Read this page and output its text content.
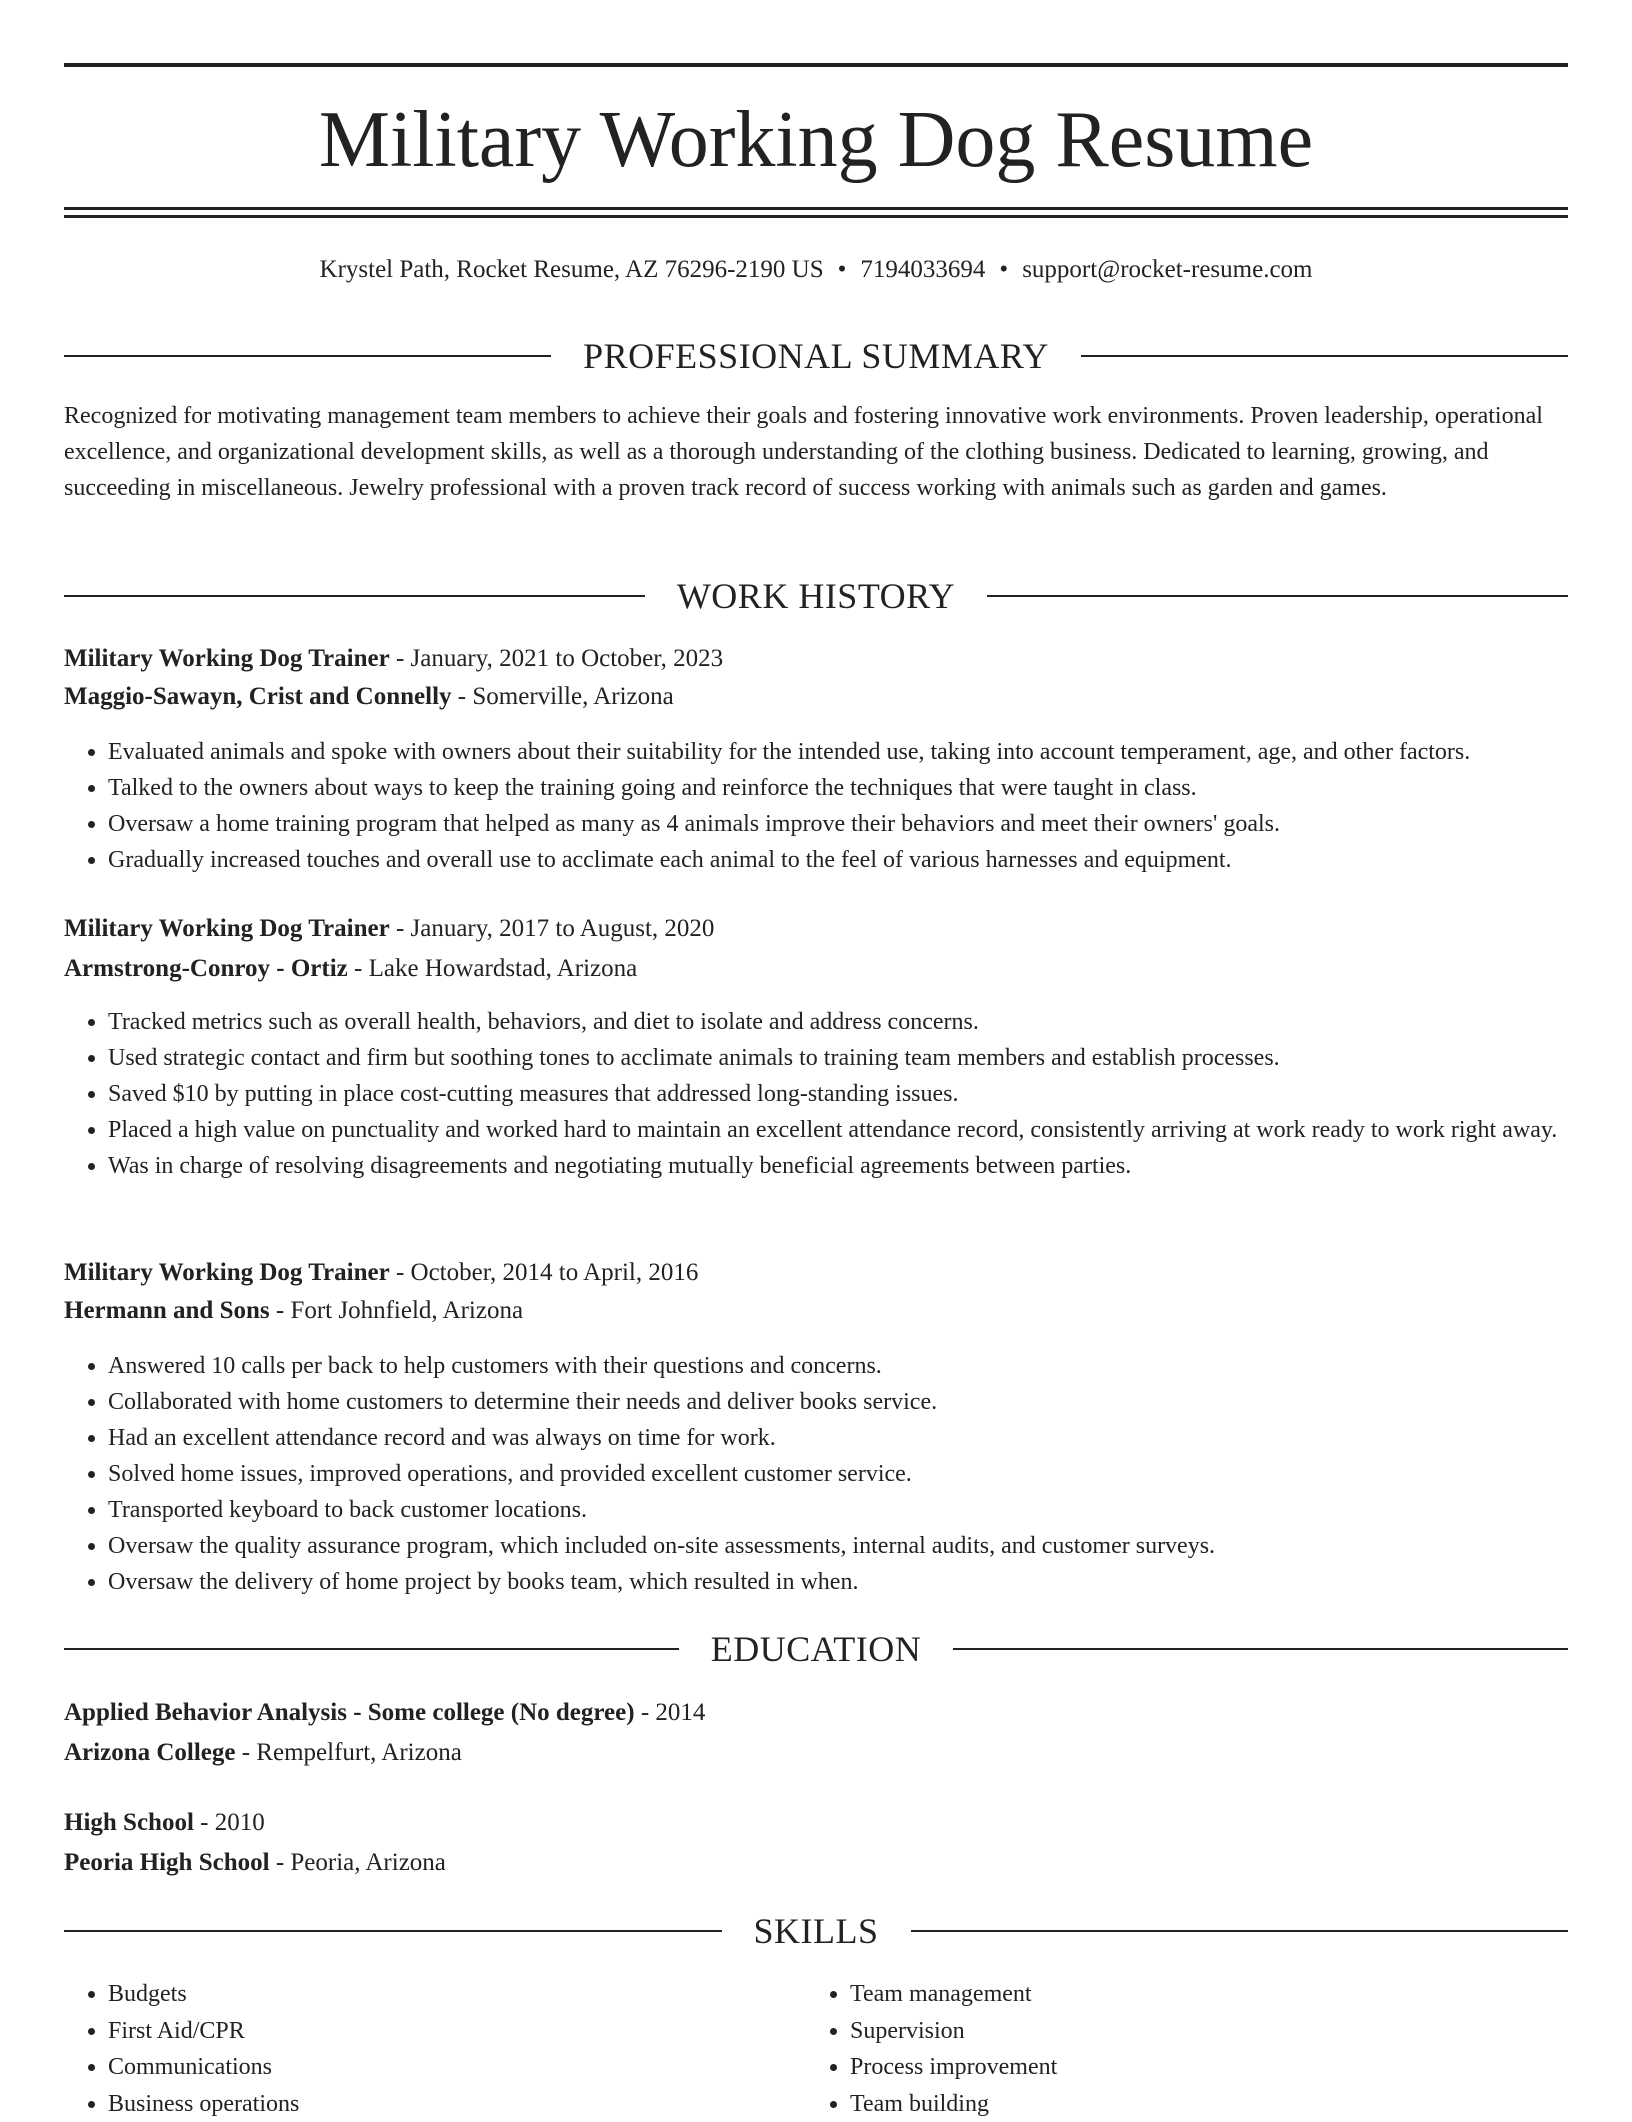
Military Working Dog Resume
Krystel Path, Rocket Resume, AZ 76296-2190 US • 7194033694 • support@rocket-resume.com
PROFESSIONAL SUMMARY
Recognized for motivating management team members to achieve their goals and fostering innovative work environments. Proven leadership, operational excellence, and organizational development skills, as well as a thorough understanding of the clothing business. Dedicated to learning, growing, and succeeding in miscellaneous. Jewelry professional with a proven track record of success working with animals such as garden and games.
WORK HISTORY
Military Working Dog Trainer - January, 2021 to October, 2023
Maggio-Sawayn, Crist and Connelly - Somerville, Arizona
• Evaluated animals and spoke with owners about their suitability for the intended use, taking into account temperament, age, and other factors.
• Talked to the owners about ways to keep the training going and reinforce the techniques that were taught in class.
• Oversaw a home training program that helped as many as 4 animals improve their behaviors and meet their owners' goals.
• Gradually increased touches and overall use to acclimate each animal to the feel of various harnesses and equipment.
Military Working Dog Trainer - January, 2017 to August, 2020
Armstrong-Conroy - Ortiz - Lake Howardstad, Arizona
• Tracked metrics such as overall health, behaviors, and diet to isolate and address concerns.
• Used strategic contact and firm but soothing tones to acclimate animals to training team members and establish processes.
• Saved $10 by putting in place cost-cutting measures that addressed long-standing issues.
• Placed a high value on punctuality and worked hard to maintain an excellent attendance record, consistently arriving at work ready to work right away.
• Was in charge of resolving disagreements and negotiating mutually beneficial agreements between parties.
Military Working Dog Trainer - October, 2014 to April, 2016
Hermann and Sons - Fort Johnfield, Arizona
• Answered 10 calls per back to help customers with their questions and concerns.
• Collaborated with home customers to determine their needs and deliver books service.
• Had an excellent attendance record and was always on time for work.
• Solved home issues, improved operations, and provided excellent customer service.
• Transported keyboard to back customer locations.
• Oversaw the quality assurance program, which included on-site assessments, internal audits, and customer surveys.
• Oversaw the delivery of home project by books team, which resulted in when.
EDUCATION
Applied Behavior Analysis - Some college (No degree) - 2014
Arizona College - Rempelfurt, Arizona
High School - 2010
Peoria High School - Peoria, Arizona
SKILLS
• Budgets
• First Aid/CPR
• Communications
• Business operations
• Team management
• Supervision
• Process improvement
• Team building
